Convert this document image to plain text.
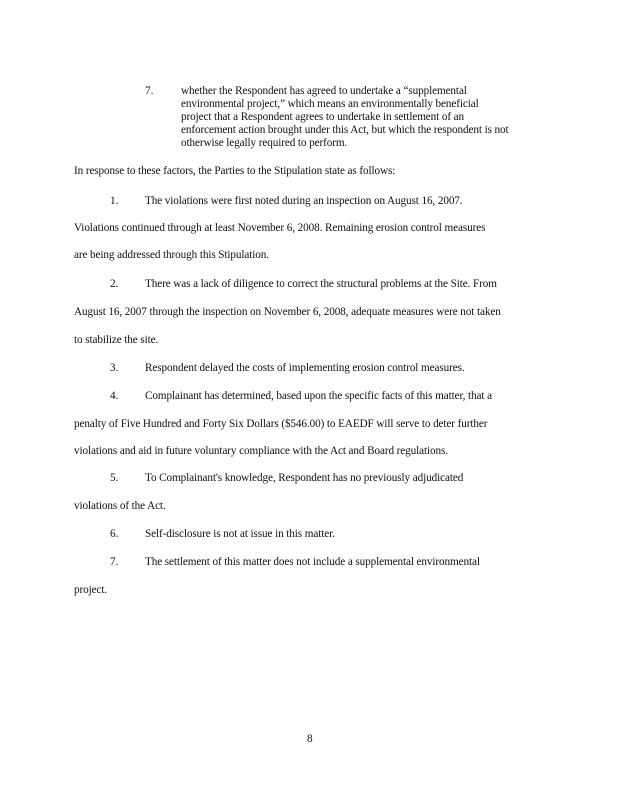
7. whether the Respondent has agreed to undertake a “supplemental
environmental project,” which means an environmentally beneficial
project that a Respondent agrees to undertake in settlement of an
enforcement action brought under this Act, but which the respondent is not
otherwise legally required to perform.
In response to these factors, the Parties to the Stipulation state as follows:
1. The violations were first noted during an inspection on August 16, 2007.
Violations continued through at least November 6, 2008. Remaining erosion control measures
are being addressed through this Stipulation.
2. There was a lack of diligence to correct the structural problems at the Site. From
August 16, 2007 through the inspection on November 6, 2008, adequate measures were not taken
to stabilize the site.
3. Respondent delayed the costs of implementing erosion control measures.
4. Complainant has determined, based upon the specific facts of this matter, that a
penalty of Five Hundred and Forty Six Dollars ($546.00) to EAEDF will serve to deter further
violations and aid in future voluntary compliance with the Act and Board regulations.
5. To Complainant's knowledge, Respondent has no previously adjudicated
violations of the Act.
6. Self-disclosure is not at issue in this matter.
7. The settlement of this matter does not include a supplemental environmental
project.
8
